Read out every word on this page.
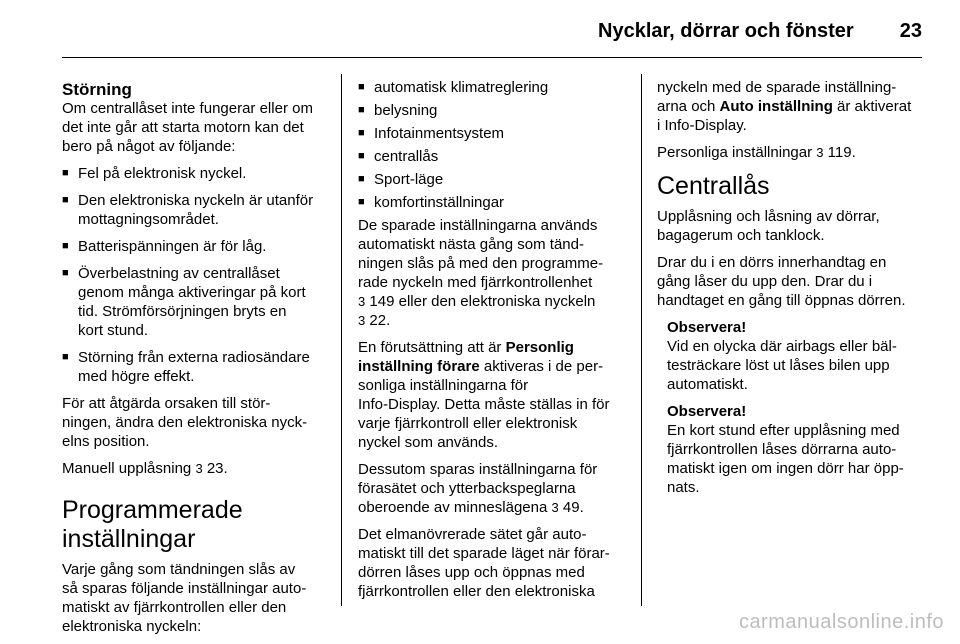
Nycklar, dörrar och fönster 23
Störning

Om centrallåset inte fungerar eller om
det inte går att starta motorn kan det
bero på något av följande:

■ Fel på elektronisk nyckel.
■ Den elektroniska nyckeln är utanför
mottagningsområdet.
■ Batterispänningen är för låg.
■ Överbelastning av centrallåset
genom många aktiveringar på kort
tid. Strömförsörjningen bryts en
kort stund.
■ Störning från externa radiosändare
med högre effekt.

För att åtgärda orsaken till stör-
ningen, ändra den elektroniska nyck-
elns position.

Manuell upplåsning 3 23.

Programmerade
inställningar

Varje gång som tändningen slås av
så sparas följande inställningar auto-
matiskt av fjärrkontrollen eller den
elektroniska nyckeln:

■ automatisk klimatreglering
■ belysning
■ Infotainmentsystem
■ centrallås
■ Sport-läge
■ komfortinställningar

De sparade inställningarna används
automatiskt nästa gång som tänd-
ningen slås på med den programme-
rade nyckeln med fjärrkontrollenhet
3 149 eller den elektroniska nyckeln
3 22.

En förutsättning att är Personlig
inställning förare aktiveras i de per-
sonliga inställningarna för
Info-Display. Detta måste ställas in för
varje fjärrkontroll eller elektronisk
nyckel som används.

Dessutom sparas inställningarna för
förasätet och ytterbackspeglarna
oberoende av minneslägena 3 49.

Det elmanövrerade sätet går auto-
matiskt till det sparade läget när förar-
dörren låses upp och öppnas med
fjärrkontrollen eller den elektroniska

nyckeln med de sparade inställning-
arna och Auto inställning är aktiverat
i Info-Display.

Personliga inställningar 3 119.

Centrallås

Upplåsning och låsning av dörrar,
bagagerum och tanklock.

Drar du i en dörrs innerhandtag en
gång låser du upp den. Drar du i
handtaget en gång till öppnas dörren.

Observera!
Vid en olycka där airbags eller bäl-
testräckare löst ut låses bilen upp
automatiskt.

Observera!
En kort stund efter upplåsning med
fjärrkontrollen låses dörrarna auto-
matiskt igen om ingen dörr har öpp-
nats.

carmanualsonline.info
